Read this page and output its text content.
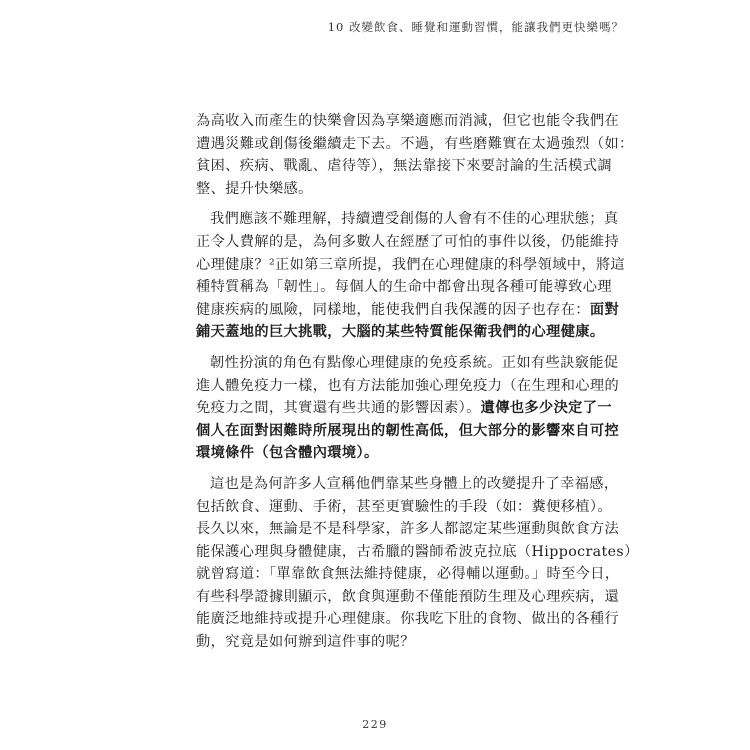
10 改變飲食、睡覺和運動習慣，能讓我們更快樂嗎？
為高收入而產生的快樂會因為享樂適應而消減，但它也能令我們在
遭遇災難或創傷後繼續走下去。不過，有些磨難實在太過強烈（如：
貧困、疾病、戰亂、虐待等），無法靠接下來要討論的生活模式調
整、提升快樂感。
我們應該不難理解，持續遭受創傷的人會有不佳的心理狀態；真
正令人費解的是，為何多數人在經歷了可怕的事件以後，仍能維持
心理健康？²正如第三章所提，我們在心理健康的科學領域中，將這
種特質稱為「韌性」。每個人的生命中都會出現各種可能導致心理
健康疾病的風險，同樣地，能使我們自我保護的因子也存在：面對
鋪天蓋地的巨大挑戰，大腦的某些特質能保衛我們的心理健康。
韌性扮演的角色有點像心理健康的免疫系統。正如有些訣竅能促
進人體免疫力一樣，也有方法能加強心理免疫力（在生理和心理的
免疫力之間，其實還有些共通的影響因素）。遺傳也多少決定了一
個人在面對困難時所展現出的韌性高低，但大部分的影響來自可控
環境條件（包含體內環境）。
這也是為何許多人宣稱他們靠某些身體上的改變提升了幸福感，
包括飲食、運動、手術，甚至更實驗性的手段（如：糞便移植）。
長久以來，無論是不是科學家，許多人都認定某些運動與飲食方法
能保護心理與身體健康，古希臘的醫師希波克拉底（Hippocrates）
就曾寫道：「單靠飲食無法維持健康，必得輔以運動。」時至今日，
有些科學證據則顯示，飲食與運動不僅能預防生理及心理疾病，還
能廣泛地維持或提升心理健康。你我吃下肚的食物、做出的各種行
動，究竟是如何辦到這件事的呢？
229
